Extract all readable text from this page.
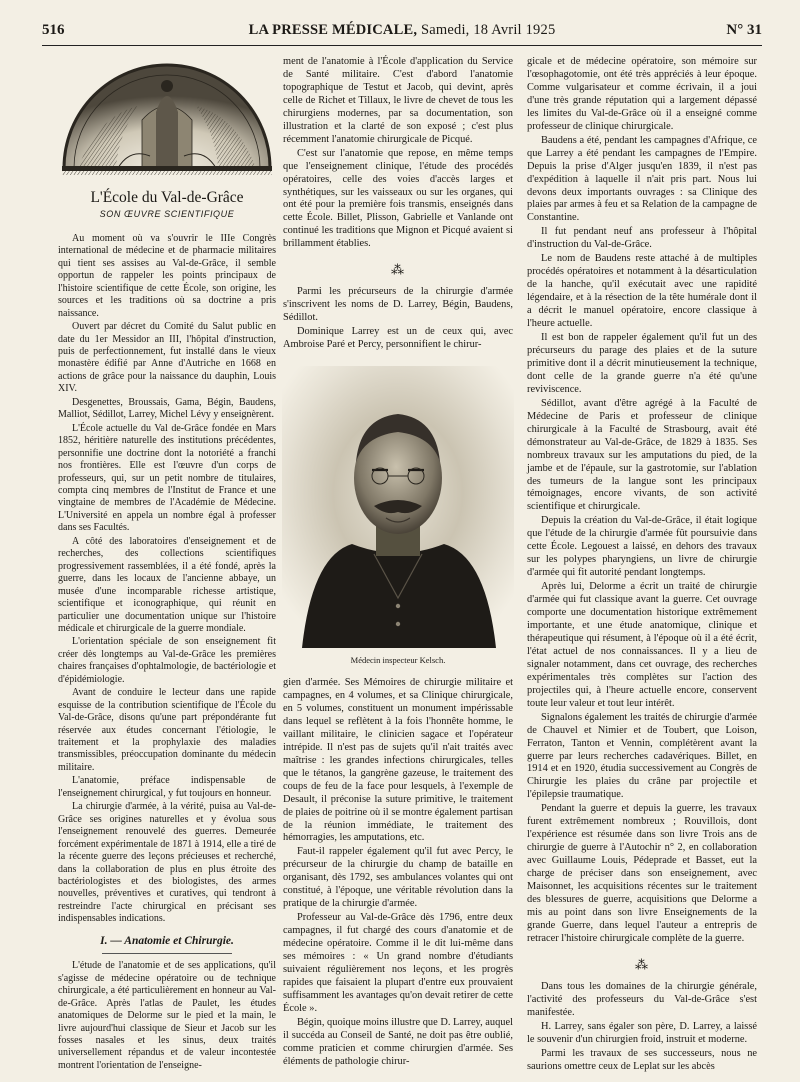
516	LA PRESSE MÉDICALE, Samedi, 18 Avril 1925	N° 31
L'École du Val-de-Grâce
SON ŒUVRE SCIENTIFIQUE

Au moment où va s'ouvrir le IIIe Congrès international de médecine et de pharmacie militaires qui tient ses assises au Val-de-Grâce, il semble opportun de rappeler les points principaux de l'histoire scientifique de cette École, son origine, les sources et les traditions où sa doctrine a pris naissance.

Ouvert par décret du Comité du Salut public en date du 1er Messidor an III, l'hôpital d'instruction, puis de perfectionnement, fut installé dans le vieux monastère édifié par Anne d'Autriche en 1668 en actions de grâce pour la naissance du dauphin, Louis XIV.

Desgenettes, Broussais, Gama, Bégin, Baudens, Malliot, Sédillot, Larrey, Michel Lévy y enseignèrent.

L'École actuelle du Val de-Grâce fondée en Mars 1852, héritière naturelle des institutions précédentes, personnifie une doctrine dont la notoriété a franchi nos frontières. Elle est l'œuvre d'un corps de professeurs, qui, sur un petit nombre de titulaires, compta cinq membres de l'Institut de France et une vingtaine de membres de l'Académie de Médecine. L'Université en appela un nombre égal à professer dans ses Facultés.

A côté des laboratoires d'enseignement et de recherches, des collections scientifiques progressivement rassemblées, il a été fondé, après la guerre, dans les locaux de l'ancienne abbaye, un musée d'une incomparable richesse artistique, scientifique et iconographique, qui réunit en particulier une documentation unique sur l'histoire médicale et chirurgicale de la guerre mondiale.

L'orientation spéciale de son enseignement fit créer dès longtemps au Val-de-Grâce les premières chaires françaises d'ophtalmologie, de bactériologie et d'épidémiologie.

Avant de conduire le lecteur dans une rapide esquisse de la contribution scientifique de l'École du Val-de-Grâce, disons qu'une part prépondérante fut réservée aux études concernant l'étiologie, le traitement et la prophylaxie des maladies transmissibles, préoccupation dominante du médecin militaire.

L'anatomie, préface indispensable de l'enseignement chirurgical, y fut toujours en honneur.

La chirurgie d'armée, à la vérité, puisa au Val-de-Grâce ses origines naturelles et y évolua sous l'enseignement renouvelé des guerres. Demeurée forcément expérimentale de 1871 à 1914, elle a tiré de la récente guerre des leçons précieuses et recherché, dans la collaboration de plus en plus étroite des bactériologistes et des biologistes, des armes nouvelles, préventives et curatives, qui tendront à restreindre l'acte chirurgical en précisant ses indispensables indications.

I. — Anatomie et Chirurgie.

L'étude de l'anatomie et de ses applications, qu'il s'agisse de médecine opératoire ou de technique chirurgicale, a été particulièrement en honneur au Val-de-Grâce. Après l'atlas de Paulet, les études anatomiques de Delorme sur le pied et la main, le livre aujourd'hui classique de Sieur et Jacob sur les fosses nasales et les sinus, deux traités universellement répandus et de valeur incontestée montrent l'orientation de l'enseigne-

ment de l'anatomie à l'École d'application du Service de Santé militaire. C'est d'abord l'anatomie topographique de Testut et Jacob, qui devint, après celle de Richet et Tillaux, le livre de chevet de tous les chirurgiens modernes, par sa documentation, son illustration et la clarté de son exposé ; c'est plus récemment l'anatomie chirurgicale de Picqué.

C'est sur l'anatomie que repose, en même temps que l'enseignement clinique, l'étude des procédés opératoires, celle des voies d'accès larges et synthétiques, sur les vaisseaux ou sur les organes, qui ont été pour la première fois transmis, enseignés dans cette École. Billet, Plisson, Gabrielle et Vanlande ont continué les traditions que Mignon et Picqué avaient si brillamment établies.

⁂

Parmi les précurseurs de la chirurgie d'armée s'inscrivent les noms de D. Larrey, Bégin, Baudens, Sédillot.

Dominique Larrey est un de ceux qui, avec Ambroise Paré et Percy, personnifient le chirur-

Médecin inspecteur Kelsch.

gien d'armée. Ses Mémoires de chirurgie militaire et campagnes, en 4 volumes, et sa Clinique chirurgicale, en 5 volumes, constituent un monument impérissable dans lequel se reflètent à la fois l'honnête homme, le vaillant militaire, le clinicien sagace et l'opérateur intrépide. Il n'est pas de sujets qu'il n'ait traités avec maîtrise : les grandes infections chirurgicales, telles que le tétanos, la gangrène gazeuse, le traitement des coups de feu de la face pour lesquels, à l'exemple de Desault, il préconise la suture primitive, le traitement de plaies de poitrine où il se montre également partisan de la réunion immédiate, le traitement des hémorragies, les amputations, etc.

Faut-il rappeler également qu'il fut avec Percy, le précurseur de la chirurgie du champ de bataille en organisant, dès 1792, ses ambulances volantes qui ont constitué, à l'époque, une véritable révolution dans la pratique de la chirurgie d'armée.

Professeur au Val-de-Grâce dès 1796, entre deux campagnes, il fut chargé des cours d'anatomie et de médecine opératoire. Comme il le dit lui-même dans ses mémoires : « Un grand nombre d'étudiants suivaient régulièrement nos leçons, et les progrès rapides que faisaient la plupart d'entre eux prouvaient suffisamment les avantages qu'on devait retirer de cette École ».

Bégin, quoique moins illustre que D. Larrey, auquel il succéda au Conseil de Santé, ne doit pas être oublié, comme praticien et comme chirurgien d'armée. Ses éléments de pathologie chirur-

gicale et de médecine opératoire, son mémoire sur l'œsophagotomie, ont été très appréciés à leur époque. Comme vulgarisateur et comme écrivain, il a joui d'une très grande réputation qui a largement dépassé les limites du Val-de-Grâce où il a enseigné comme professeur de clinique chirurgicale.

Baudens a été, pendant les campagnes d'Afrique, ce que Larrey a été pendant les campagnes de l'Empire. Depuis la prise d'Alger jusqu'en 1839, il n'est pas d'expédition à laquelle il n'ait pris part. Nous lui devons deux importants ouvrages : sa Clinique des plaies par armes à feu et sa Relation de la campagne de Constantine.

Il fut pendant neuf ans professeur à l'hôpital d'instruction du Val-de-Grâce.

Le nom de Baudens reste attaché à de multiples procédés opératoires et notamment à la désarticulation de la hanche, qu'il exécutait avec une rapidité légendaire, et à la résection de la tête humérale dont il a décrit le manuel opératoire, encore classique à l'heure actuelle.

Il est bon de rappeler également qu'il fut un des précurseurs du parage des plaies et de la suture primitive dont il a décrit minutieusement la technique, dont celle de la grande guerre n'a été qu'une reviviscence.

Sédillot, avant d'être agrégé à la Faculté de Médecine de Paris et professeur de clinique chirurgicale à la Faculté de Strasbourg, avait été démonstrateur au Val-de-Grâce, de 1829 à 1835. Ses nombreux travaux sur les amputations du pied, de la jambe et de l'épaule, sur la gastrotomie, sur l'ablation des tumeurs de la langue sont les principaux témoignages, encore vivants, de son activité scientifique et chirurgicale.

Depuis la création du Val-de-Grâce, il était logique que l'étude de la chirurgie d'armée fût poursuivie dans cette École. Legouest a laissé, en dehors des travaux sur les polypes pharyngiens, un livre de chirurgie d'armée qui fit autorité pendant longtemps.

Après lui, Delorme a écrit un traité de chirurgie d'armée qui fut classique avant la guerre. Cet ouvrage comporte une documentation historique extrêmement importante, et une étude anatomique, clinique et thérapeutique qui résument, à l'époque où il a été écrit, l'état actuel de nos connaissances. Il y a lieu de signaler notamment, dans cet ouvrage, des recherches expérimentales très complètes sur l'action des projectiles qui, à l'heure actuelle encore, conservent toute leur valeur et tout leur intérêt.

Signalons également les traités de chirurgie d'armée de Chauvel et Nimier et de Toubert, que Loison, Ferraton, Tanton et Vennin, complétèrent avant la guerre par leurs recherches cadavériques. Billet, en 1914 et en 1920, étudia successivement au Congrès de Chirurgie les plaies du crâne par projectile et l'épilepsie traumatique.

Pendant la guerre et depuis la guerre, les travaux furent extrêmement nombreux ; Rouvillois, dont l'expérience est résumée dans son livre Trois ans de chirurgie de guerre à l'Autochir n° 2, en collaboration avec Guillaume Louis, Pédeprade et Basset, eut la charge de préciser dans son enseignement, avec Maisonnet, les acquisitions récentes sur le traitement des blessures de guerre, acquisitions que Delorme a mis au point dans son livre Enseignements de la grande Guerre, dans lequel l'auteur a entrepris de retracer l'histoire chirurgicale complète de la guerre.

⁂

Dans tous les domaines de la chirurgie générale, l'activité des professeurs du Val-de-Grâce s'est manifestée.

H. Larrey, sans égaler son père, D. Larrey, a laissé le souvenir d'un chirurgien froid, instruit et moderne.

Parmi les travaux de ses successeurs, nous ne saurions omettre ceux de Leplat sur les abcès
